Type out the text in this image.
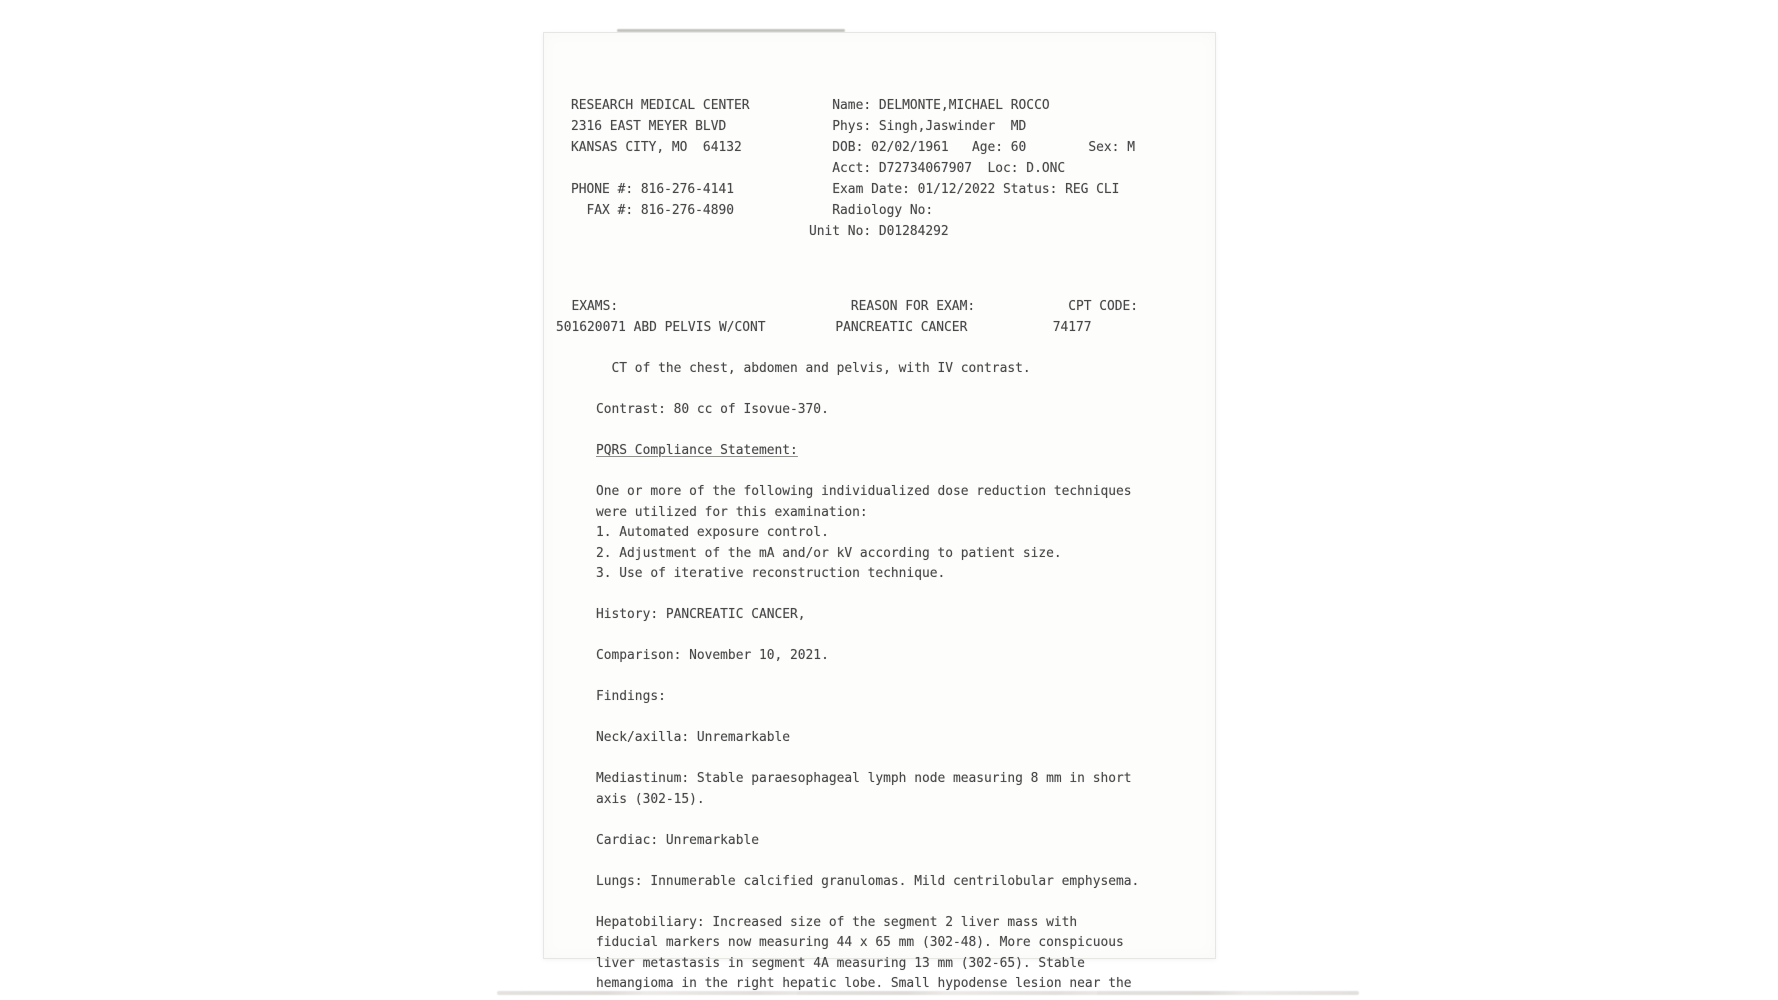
RESEARCH MEDICAL CENTER
2316 EAST MEYER BLVD
KANSAS CITY, MO  64132

PHONE #: 816-276-4141
FAX #: 816-276-4890
Name: DELMONTE,MICHAEL ROCCO
Phys: Singh,Jaswinder  MD
DOB: 02/02/1961   Age: 60        Sex: M
Acct: D72734067907  Loc: D.ONC
Exam Date: 01/12/2022 Status: REG CLI
Radiology No:
Unit No: D01284292
EXAMS:                              REASON FOR EXAM:            CPT CODE:
501620071 ABD PELVIS W/CONT         PANCREATIC CANCER           74177
CT of the chest, abdomen and pelvis, with IV contrast.

Contrast: 80 cc of Isovue-370.

PQRS Compliance Statement:

One or more of the following individualized dose reduction techniques
were utilized for this examination:
1. Automated exposure control.
2. Adjustment of the mA and/or kV according to patient size.
3. Use of iterative reconstruction technique.

History: PANCREATIC CANCER,

Comparison: November 10, 2021.

Findings:

Neck/axilla: Unremarkable

Mediastinum: Stable paraesophageal lymph node measuring 8 mm in short
axis (302-15).

Cardiac: Unremarkable

Lungs: Innumerable calcified granulomas. Mild centrilobular emphysema.

Hepatobiliary: Increased size of the segment 2 liver mass with
fiducial markers now measuring 44 x 65 mm (302-48). More conspicuous
liver metastasis in segment 4A measuring 13 mm (302-65). Stable
hemangioma in the right hepatic lobe. Small hypodense lesion near the
